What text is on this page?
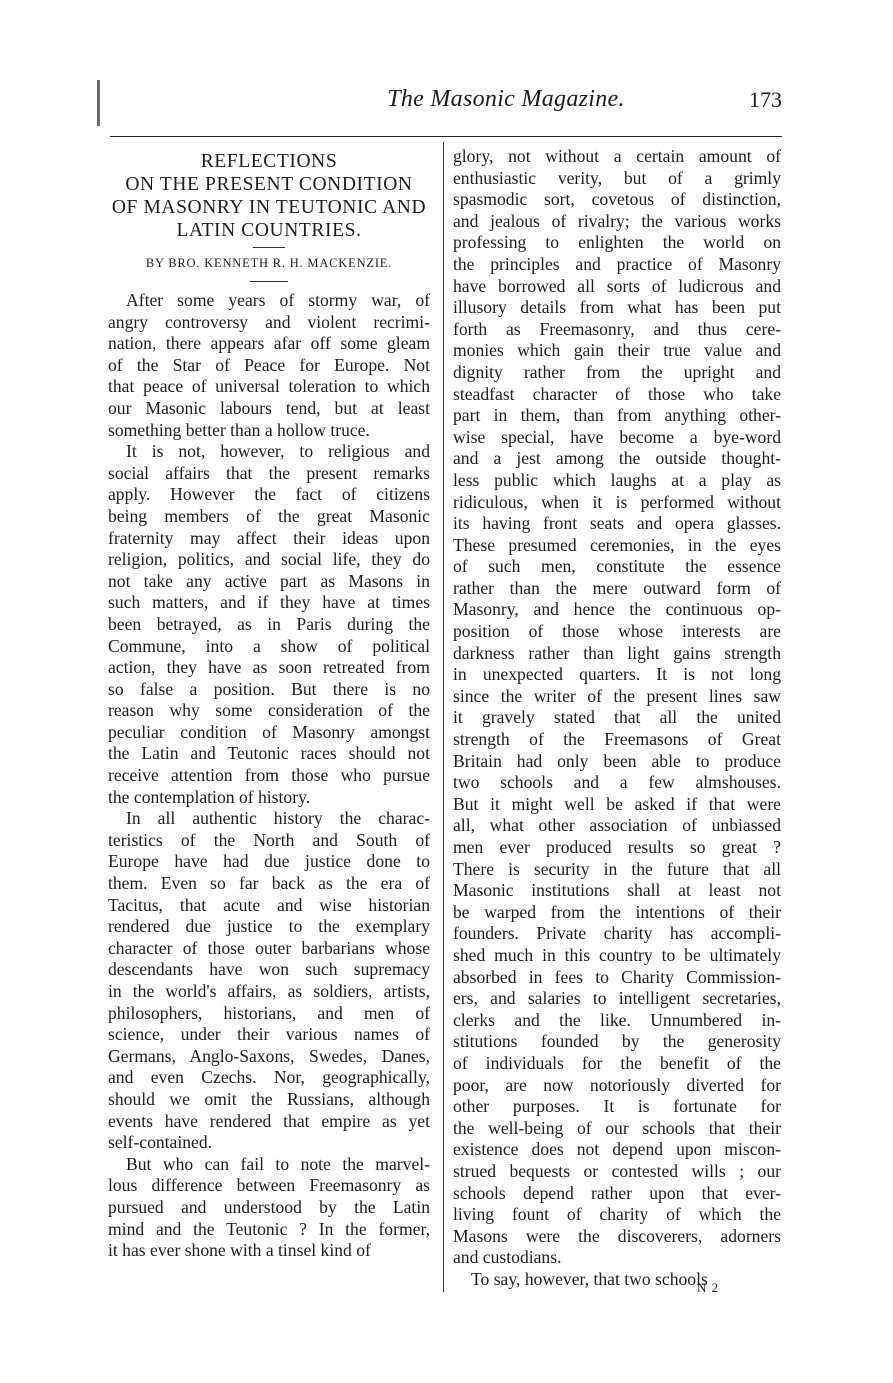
The Masonic Magazine.	173
REFLECTIONS
ON THE PRESENT CONDITION
OF MASONRY IN TEUTONIC AND
LATIN COUNTRIES.
BY BRO. KENNETH R. H. MACKENZIE.
After some years of stormy war, of
angry controversy and violent recrimi-
nation, there appears afar off some gleam
of the Star of Peace for Europe. Not
that peace of universal toleration to which
our Masonic labours tend, but at least
something better than a hollow truce.
It is not, however, to religious and
social affairs that the present remarks
apply. However the fact of citizens
being members of the great Masonic
fraternity may affect their ideas upon
religion, politics, and social life, they do
not take any active part as Masons in
such matters, and if they have at times
been betrayed, as in Paris during the
Commune, into a show of political
action, they have as soon retreated from
so false a position. But there is no
reason why some consideration of the
peculiar condition of Masonry amongst
the Latin and Teutonic races should not
receive attention from those who pursue
the contemplation of history.
In all authentic history the charac-
teristics of the North and South of
Europe have had due justice done to
them. Even so far back as the era of
Tacitus, that acute and wise historian
rendered due justice to the exemplary
character of those outer barbarians whose
descendants have won such supremacy
in the world's affairs, as soldiers, artists,
philosophers, historians, and men of
science, under their various names of
Germans, Anglo-Saxons, Swedes, Danes,
and even Czechs. Nor, geographically,
should we omit the Russians, although
events have rendered that empire as yet
self-contained.
But who can fail to note the marvel-
lous difference between Freemasonry as
pursued and understood by the Latin
mind and the Teutonic ? In the former,
it has ever shone with a tinsel kind of
glory, not without a certain amount of
enthusiastic verity, but of a grimly
spasmodic sort, covetous of distinction,
and jealous of rivalry; the various works
professing to enlighten the world on
the principles and practice of Masonry
have borrowed all sorts of ludicrous and
illusory details from what has been put
forth as Freemasonry, and thus cere-
monies which gain their true value and
dignity rather from the upright and
steadfast character of those who take
part in them, than from anything other-
wise special, have become a bye-word
and a jest among the outside thought-
less public which laughs at a play as
ridiculous, when it is performed without
its having front seats and opera glasses.
These presumed ceremonies, in the eyes
of such men, constitute the essence
rather than the mere outward form of
Masonry, and hence the continuous op-
position of those whose interests are
darkness rather than light gains strength
in unexpected quarters. It is not long
since the writer of the present lines saw
it gravely stated that all the united
strength of the Freemasons of Great
Britain had only been able to produce
two schools and a few almshouses.
But it might well be asked if that were
all, what other association of unbiassed
men ever produced results so great ?
There is security in the future that all
Masonic institutions shall at least not
be warped from the intentions of their
founders. Private charity has accompli-
shed much in this country to be ultimately
absorbed in fees to Charity Commission-
ers, and salaries to intelligent secretaries,
clerks and the like. Unnumbered in-
stitutions founded by the generosity
of individuals for the benefit of the
poor, are now notoriously diverted for
other purposes. It is fortunate for
the well-being of our schools that their
existence does not depend upon miscon-
strued bequests or contested wills ; our
schools depend rather upon that ever-
living fount of charity of which the
Masons were the discoverers, adorners
and custodians.
To say, however, that two schools
N 2
